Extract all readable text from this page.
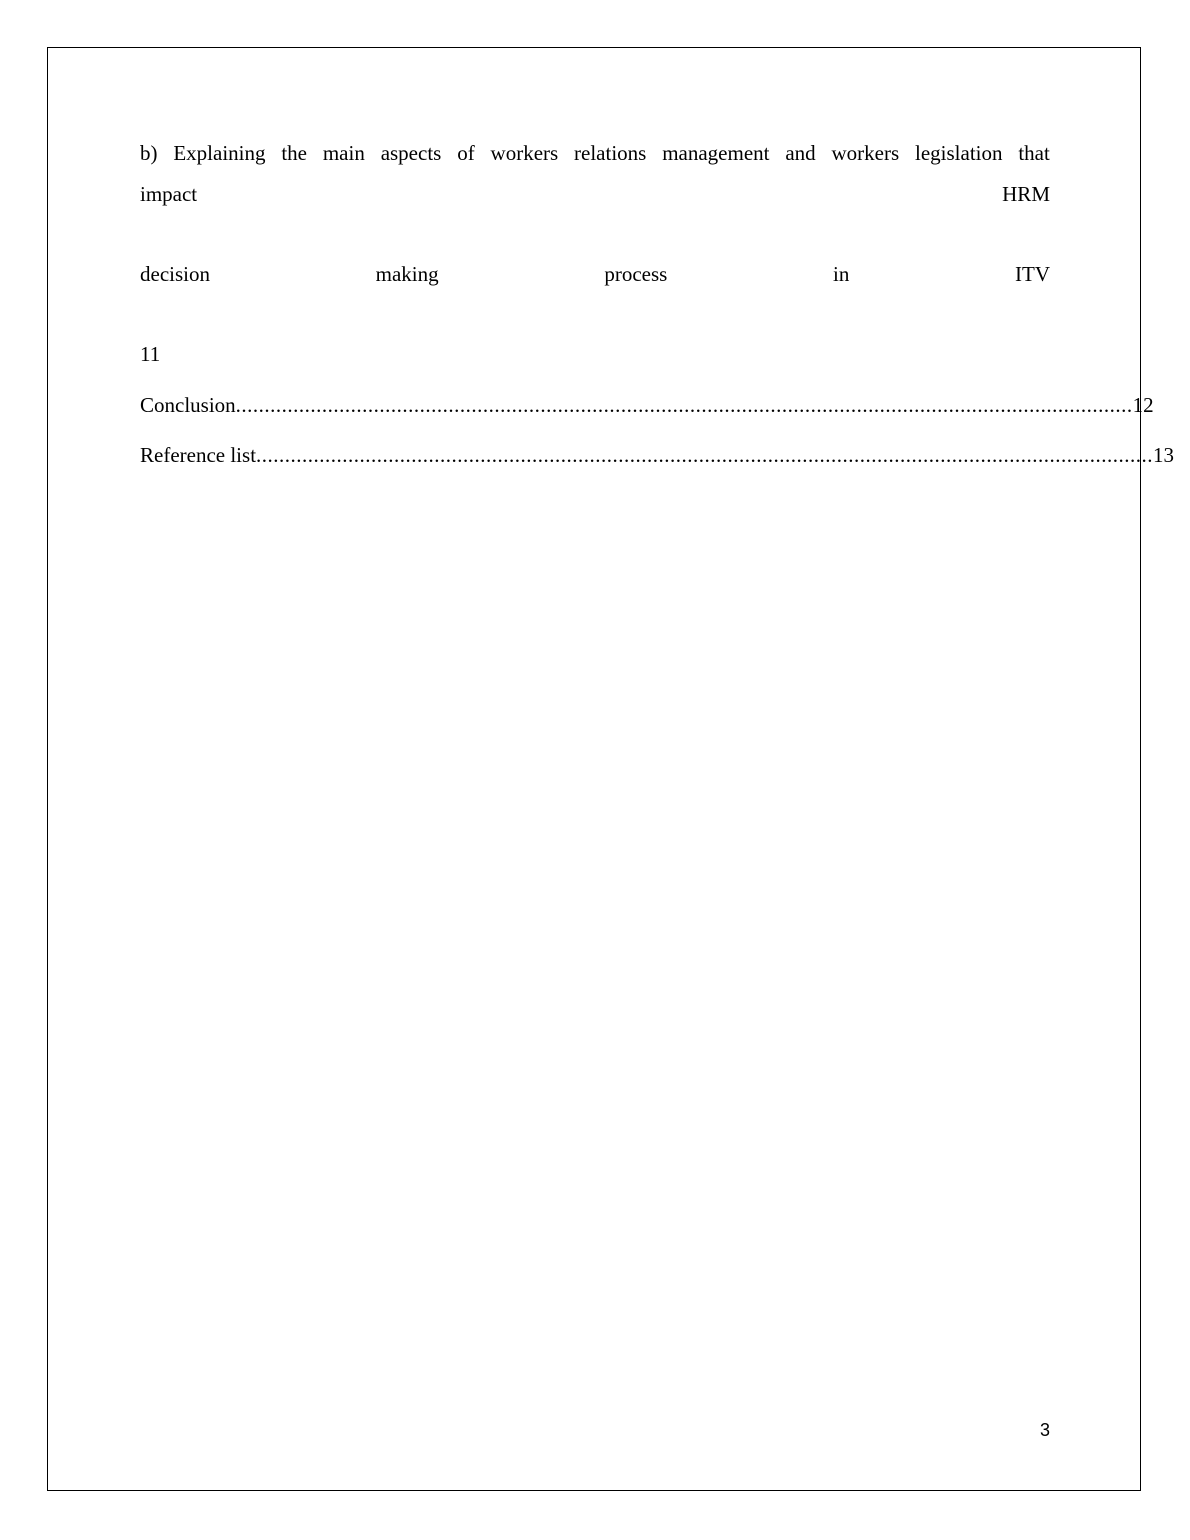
b) Explaining the main aspects of workers relations management and workers legislation that
impact	HRM
decision	making	process	in	ITV
11
Conclusion ............................................................................................................................................................ 12
Reference list ............................................................................................................................................................ 13
3
